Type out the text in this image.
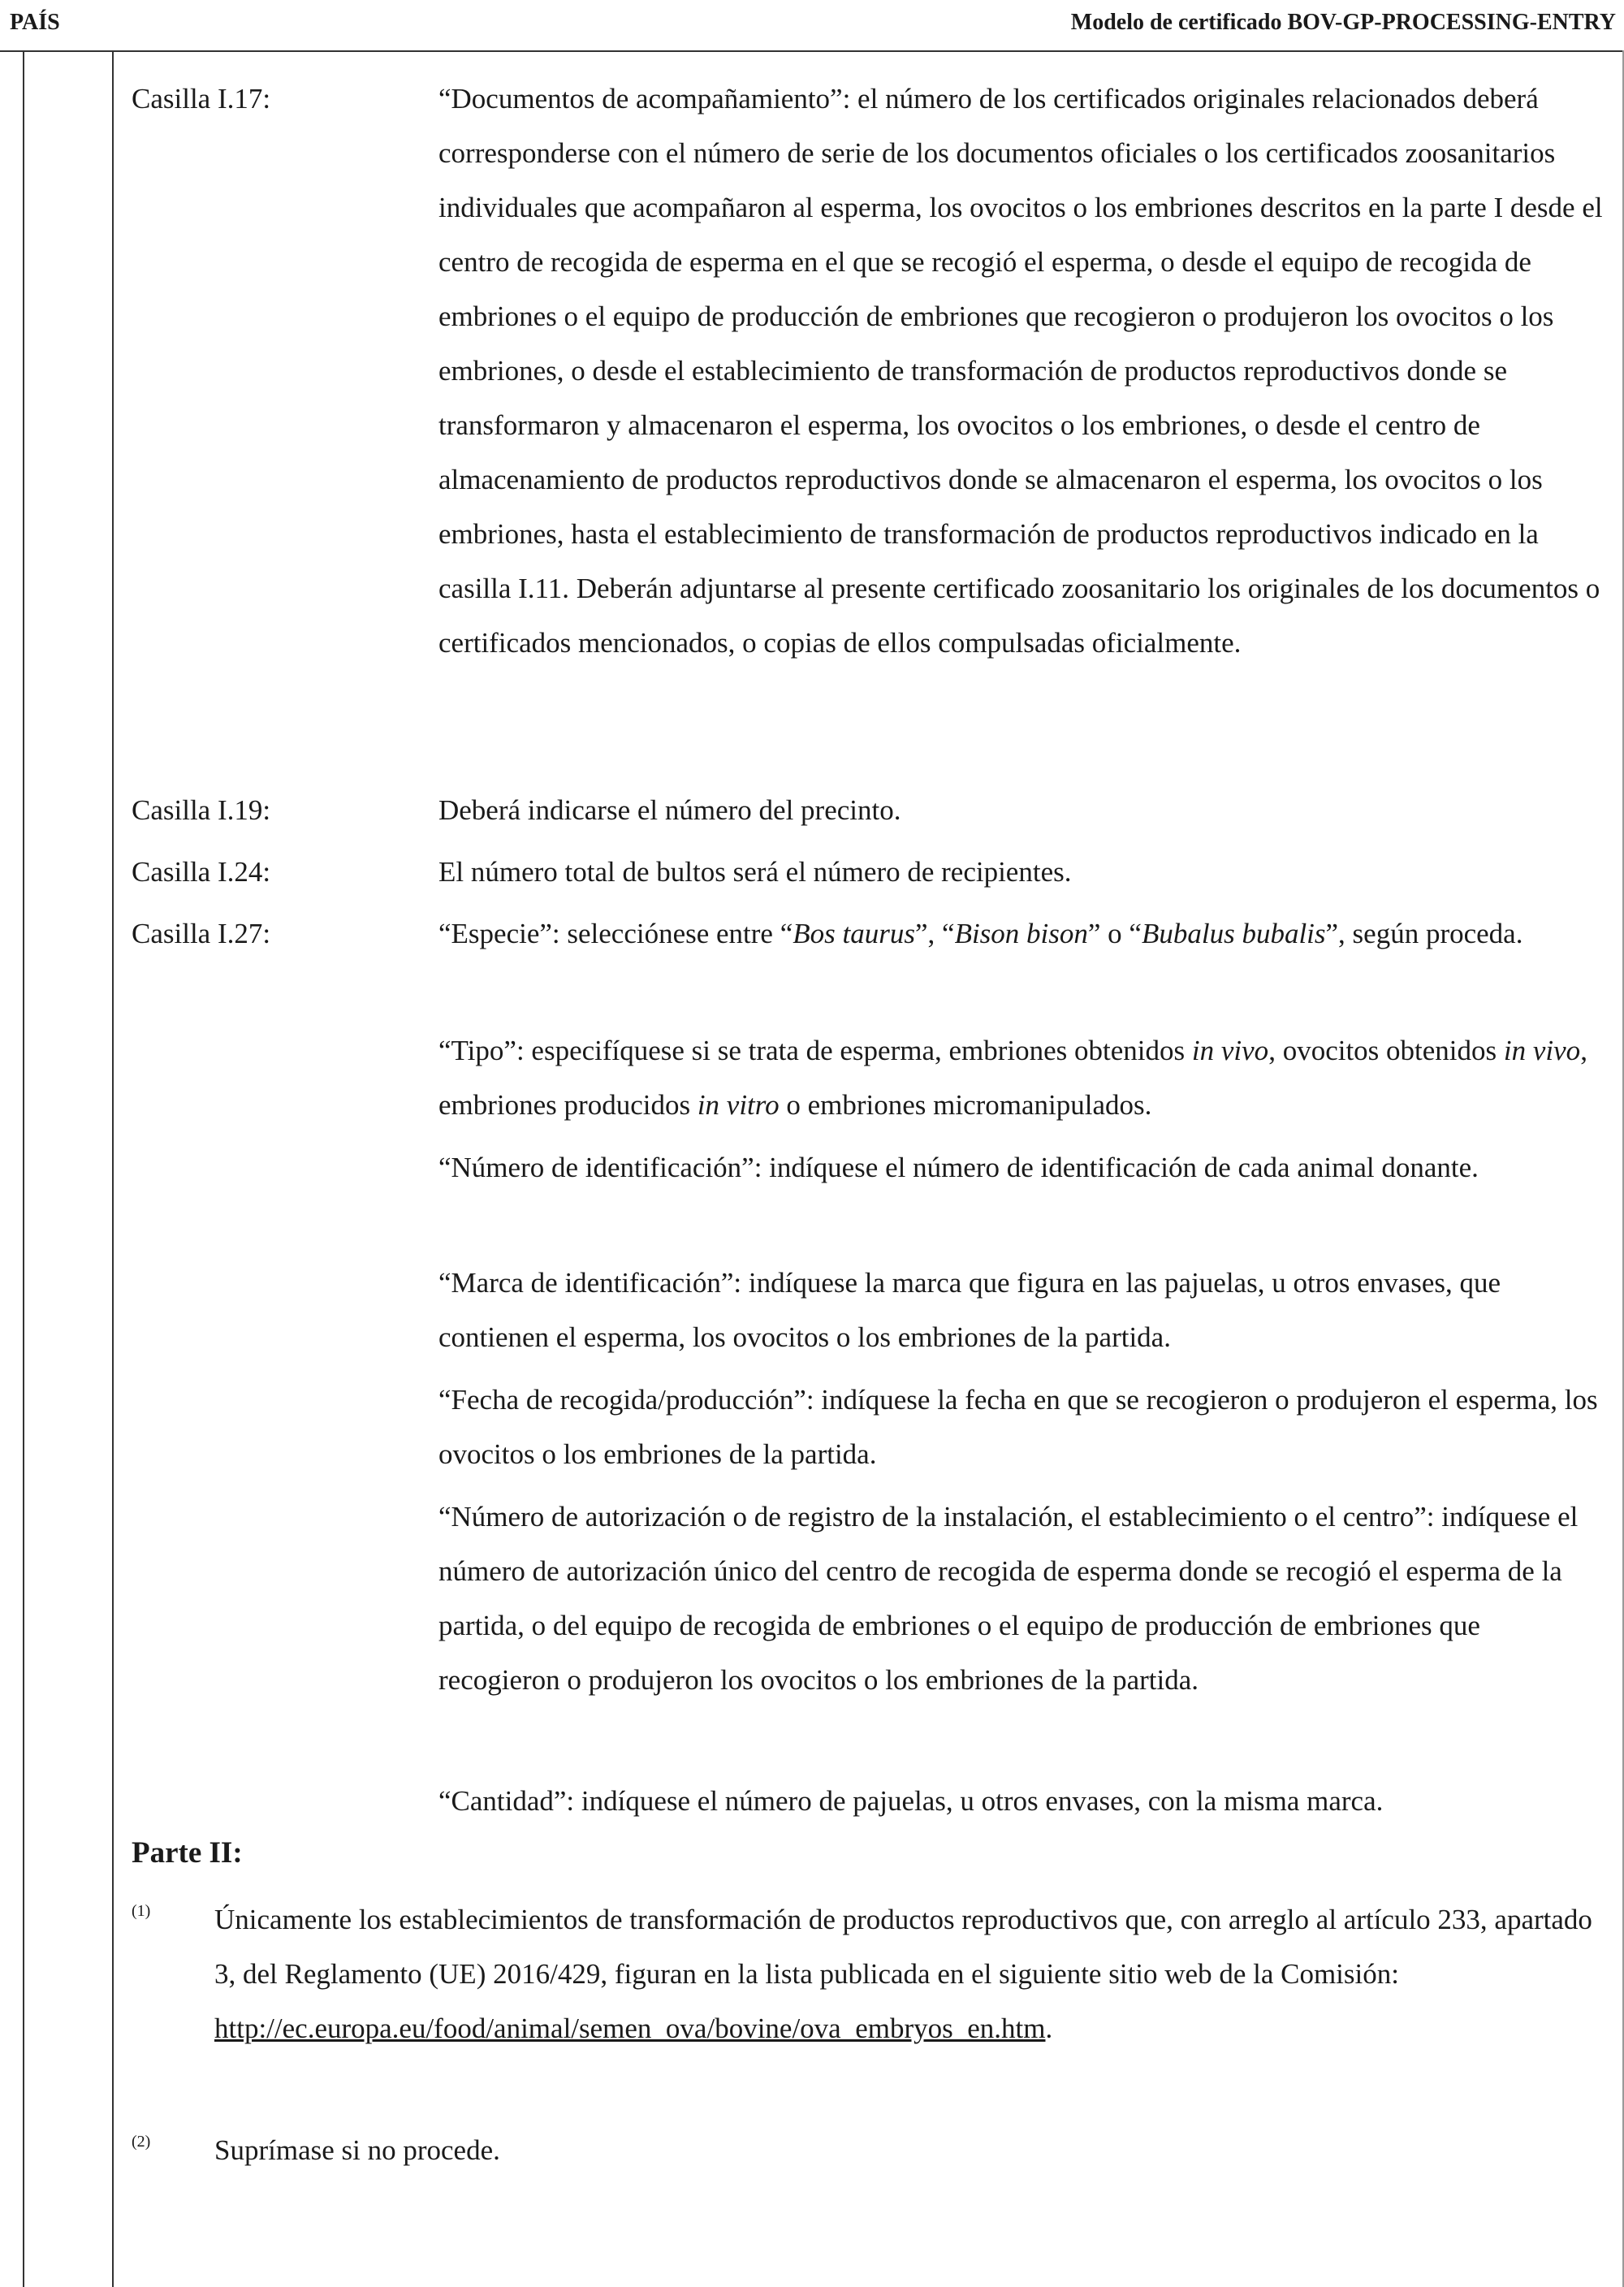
PAÍS	Modelo de certificado BOV-GP-PROCESSING-ENTRY
Casilla I.17:	“Documentos de acompañamiento”: el número de los certificados originales relacionados deberá corresponderse con el número de serie de los documentos oficiales o los certificados zoosanitarios individuales que acompañaron al esperma, los ovocitos o los embriones descritos en la parte I desde el centro de recogida de esperma en el que se recogió el esperma, o desde el equipo de recogida de embriones o el equipo de producción de embriones que recogieron o produjeron los ovocitos o los embriones, o desde el establecimiento de transformación de productos reproductivos donde se transformaron y almacenaron el esperma, los ovocitos o los embriones, o desde el centro de almacenamiento de productos reproductivos donde se almacenaron el esperma, los ovocitos o los embriones, hasta el establecimiento de transformación de productos reproductivos indicado en la casilla I.11. Deberán adjuntarse al presente certificado zoosanitario los originales de los documentos o certificados mencionados, o copias de ellos compulsadas oficialmente.
Casilla I.19:	Deberá indicarse el número del precinto.
Casilla I.24:	El número total de bultos será el número de recipientes.
Casilla I.27:	“Especie”: selecciónese entre “Bos taurus”, “Bison bison” o “Bubalus bubalis”, según proceda.
“Tipo”: especifíquese si se trata de esperma, embriones obtenidos in vivo, ovocitos obtenidos in vivo, embriones producidos in vitro o embriones micromanipulados.
“Número de identificación”: indíquese el número de identificación de cada animal donante.
“Marca de identificación”: indíquese la marca que figura en las pajuelas, u otros envases, que contienen el esperma, los ovocitos o los embriones de la partida.
“Fecha de recogida/producción”: indíquese la fecha en que se recogieron o produjeron el esperma, los ovocitos o los embriones de la partida.
“Número de autorización o de registro de la instalación, el establecimiento o el centro”: indíquese el número de autorización único del centro de recogida de esperma donde se recogió el esperma de la partida, o del equipo de recogida de embriones o el equipo de producción de embriones que recogieron o produjeron los ovocitos o los embriones de la partida.
“Cantidad”: indíquese el número de pajuelas, u otros envases, con la misma marca.
Parte II:
(1) Únicamente los establecimientos de transformación de productos reproductivos que, con arreglo al artículo 233, apartado 3, del Reglamento (UE) 2016/429, figuran en la lista publicada en el siguiente sitio web de la Comisión:
http://ec.europa.eu/food/animal/semen_ova/bovine/ova_embryos_en.htm.
(2) Suprímase si no procede.
